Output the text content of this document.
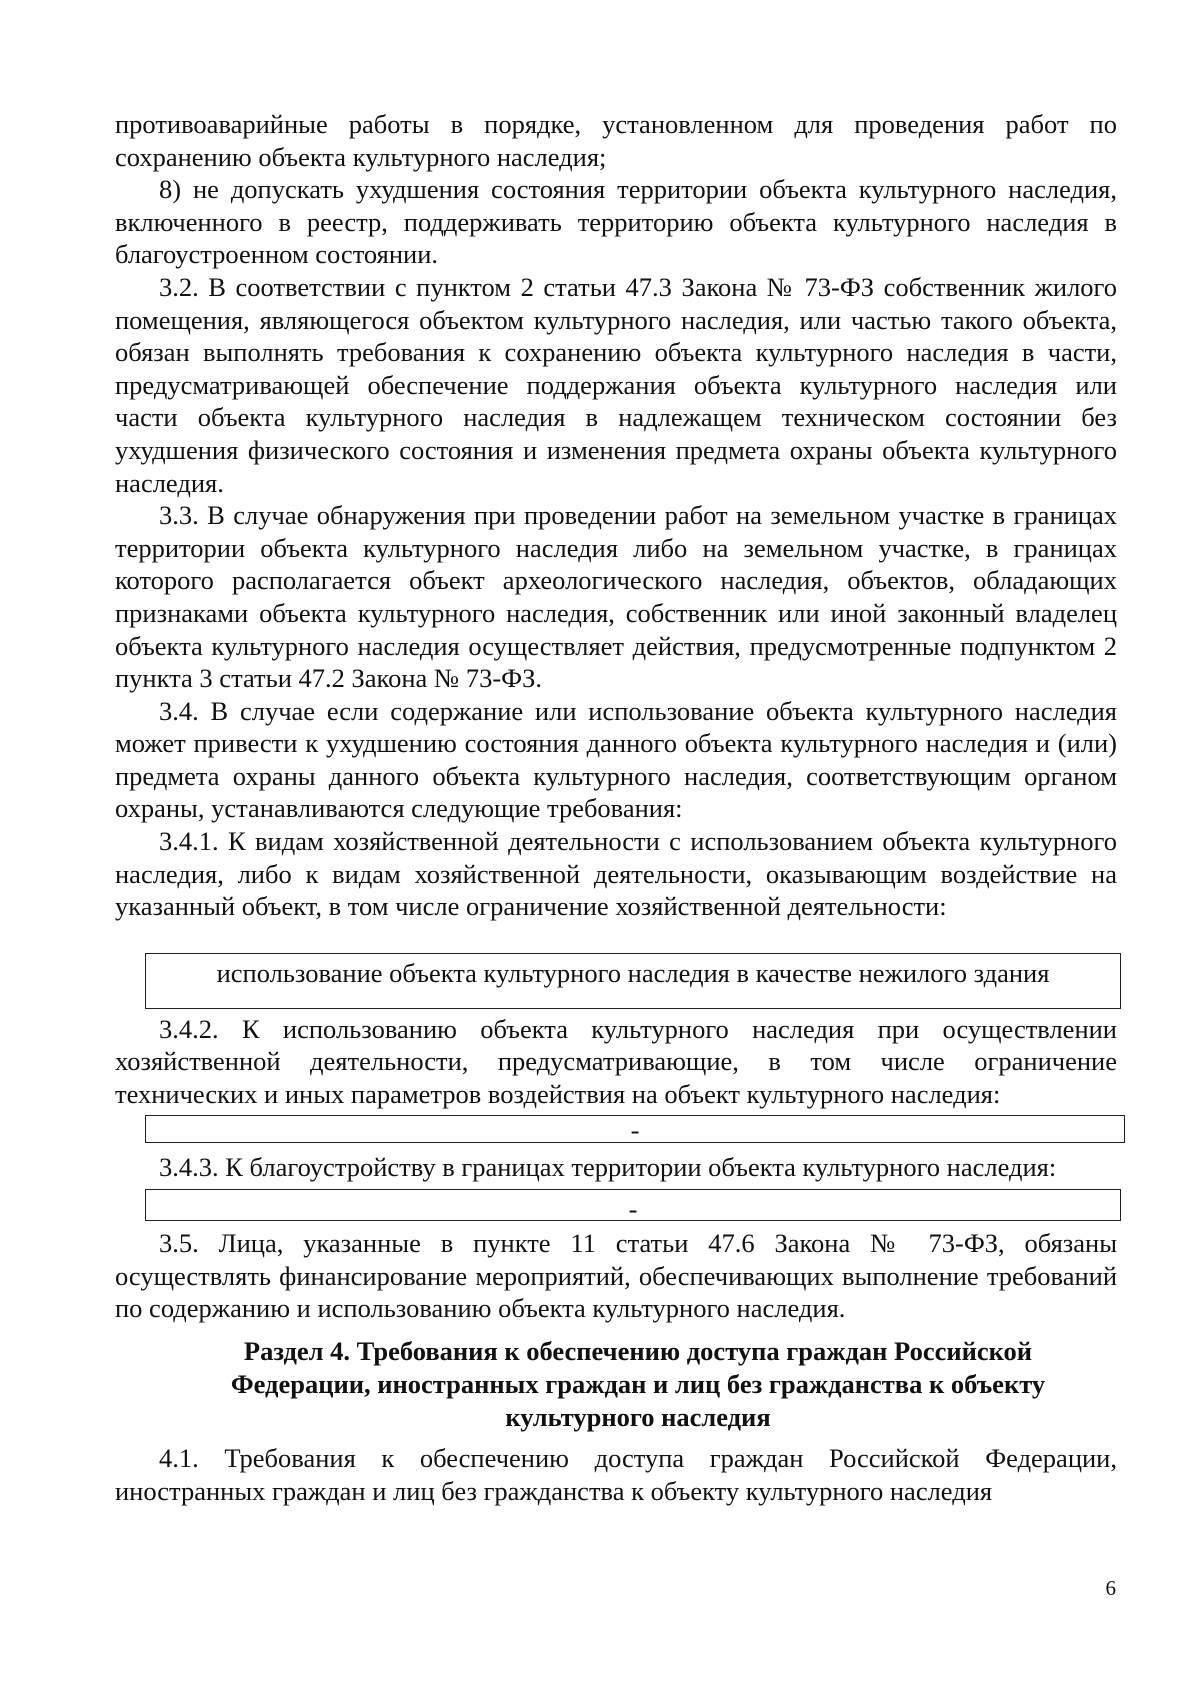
противоаварийные работы в порядке, установленном для проведения работ по сохранению объекта культурного наследия;

8) не допускать ухудшения состояния территории объекта культурного наследия, включенного в реестр, поддерживать территорию объекта культурного наследия в благоустроенном состоянии.

3.2. В соответствии с пунктом 2 статьи 47.3 Закона № 73-ФЗ собственник жилого помещения, являющегося объектом культурного наследия, или частью такого объекта, обязан выполнять требования к сохранению объекта культурного наследия в части, предусматривающей обеспечение поддержания объекта культурного наследия или части объекта культурного наследия в надлежащем техническом состоянии без ухудшения физического состояния и изменения предмета охраны объекта культурного наследия.

3.3. В случае обнаружения при проведении работ на земельном участке в границах территории объекта культурного наследия либо на земельном участке, в границах которого располагается объект археологического наследия, объектов, обладающих признаками объекта культурного наследия, собственник или иной законный владелец объекта культурного наследия осуществляет действия, предусмотренные подпунктом 2 пункта 3 статьи 47.2 Закона № 73-ФЗ.

3.4. В случае если содержание или использование объекта культурного наследия может привести к ухудшению состояния данного объекта культурного наследия и (или) предмета охраны данного объекта культурного наследия, соответствующим органом охраны, устанавливаются следующие требования:

3.4.1. К видам хозяйственной деятельности с использованием объекта культурного наследия, либо к видам хозяйственной деятельности, оказывающим воздействие на указанный объект, в том числе ограничение хозяйственной деятельности:

использование объекта культурного наследия в качестве нежилого здания

3.4.2. К использованию объекта культурного наследия при осуществлении хозяйственной деятельности, предусматривающие, в том числе ограничение технических и иных параметров воздействия на объект культурного наследия:

-

3.4.3. К благоустройству в границах территории объекта культурного наследия:

-

3.5. Лица, указанные в пункте 11 статьи 47.6 Закона № 73-ФЗ, обязаны осуществлять финансирование мероприятий, обеспечивающих выполнение требований по содержанию и использованию объекта культурного наследия.

Раздел 4. Требования к обеспечению доступа граждан Российской
Федерации, иностранных граждан и лиц без гражданства к объекту
культурного наследия

4.1. Требования к обеспечению доступа граждан Российской Федерации, иностранных граждан и лиц без гражданства к объекту культурного наследия

6
